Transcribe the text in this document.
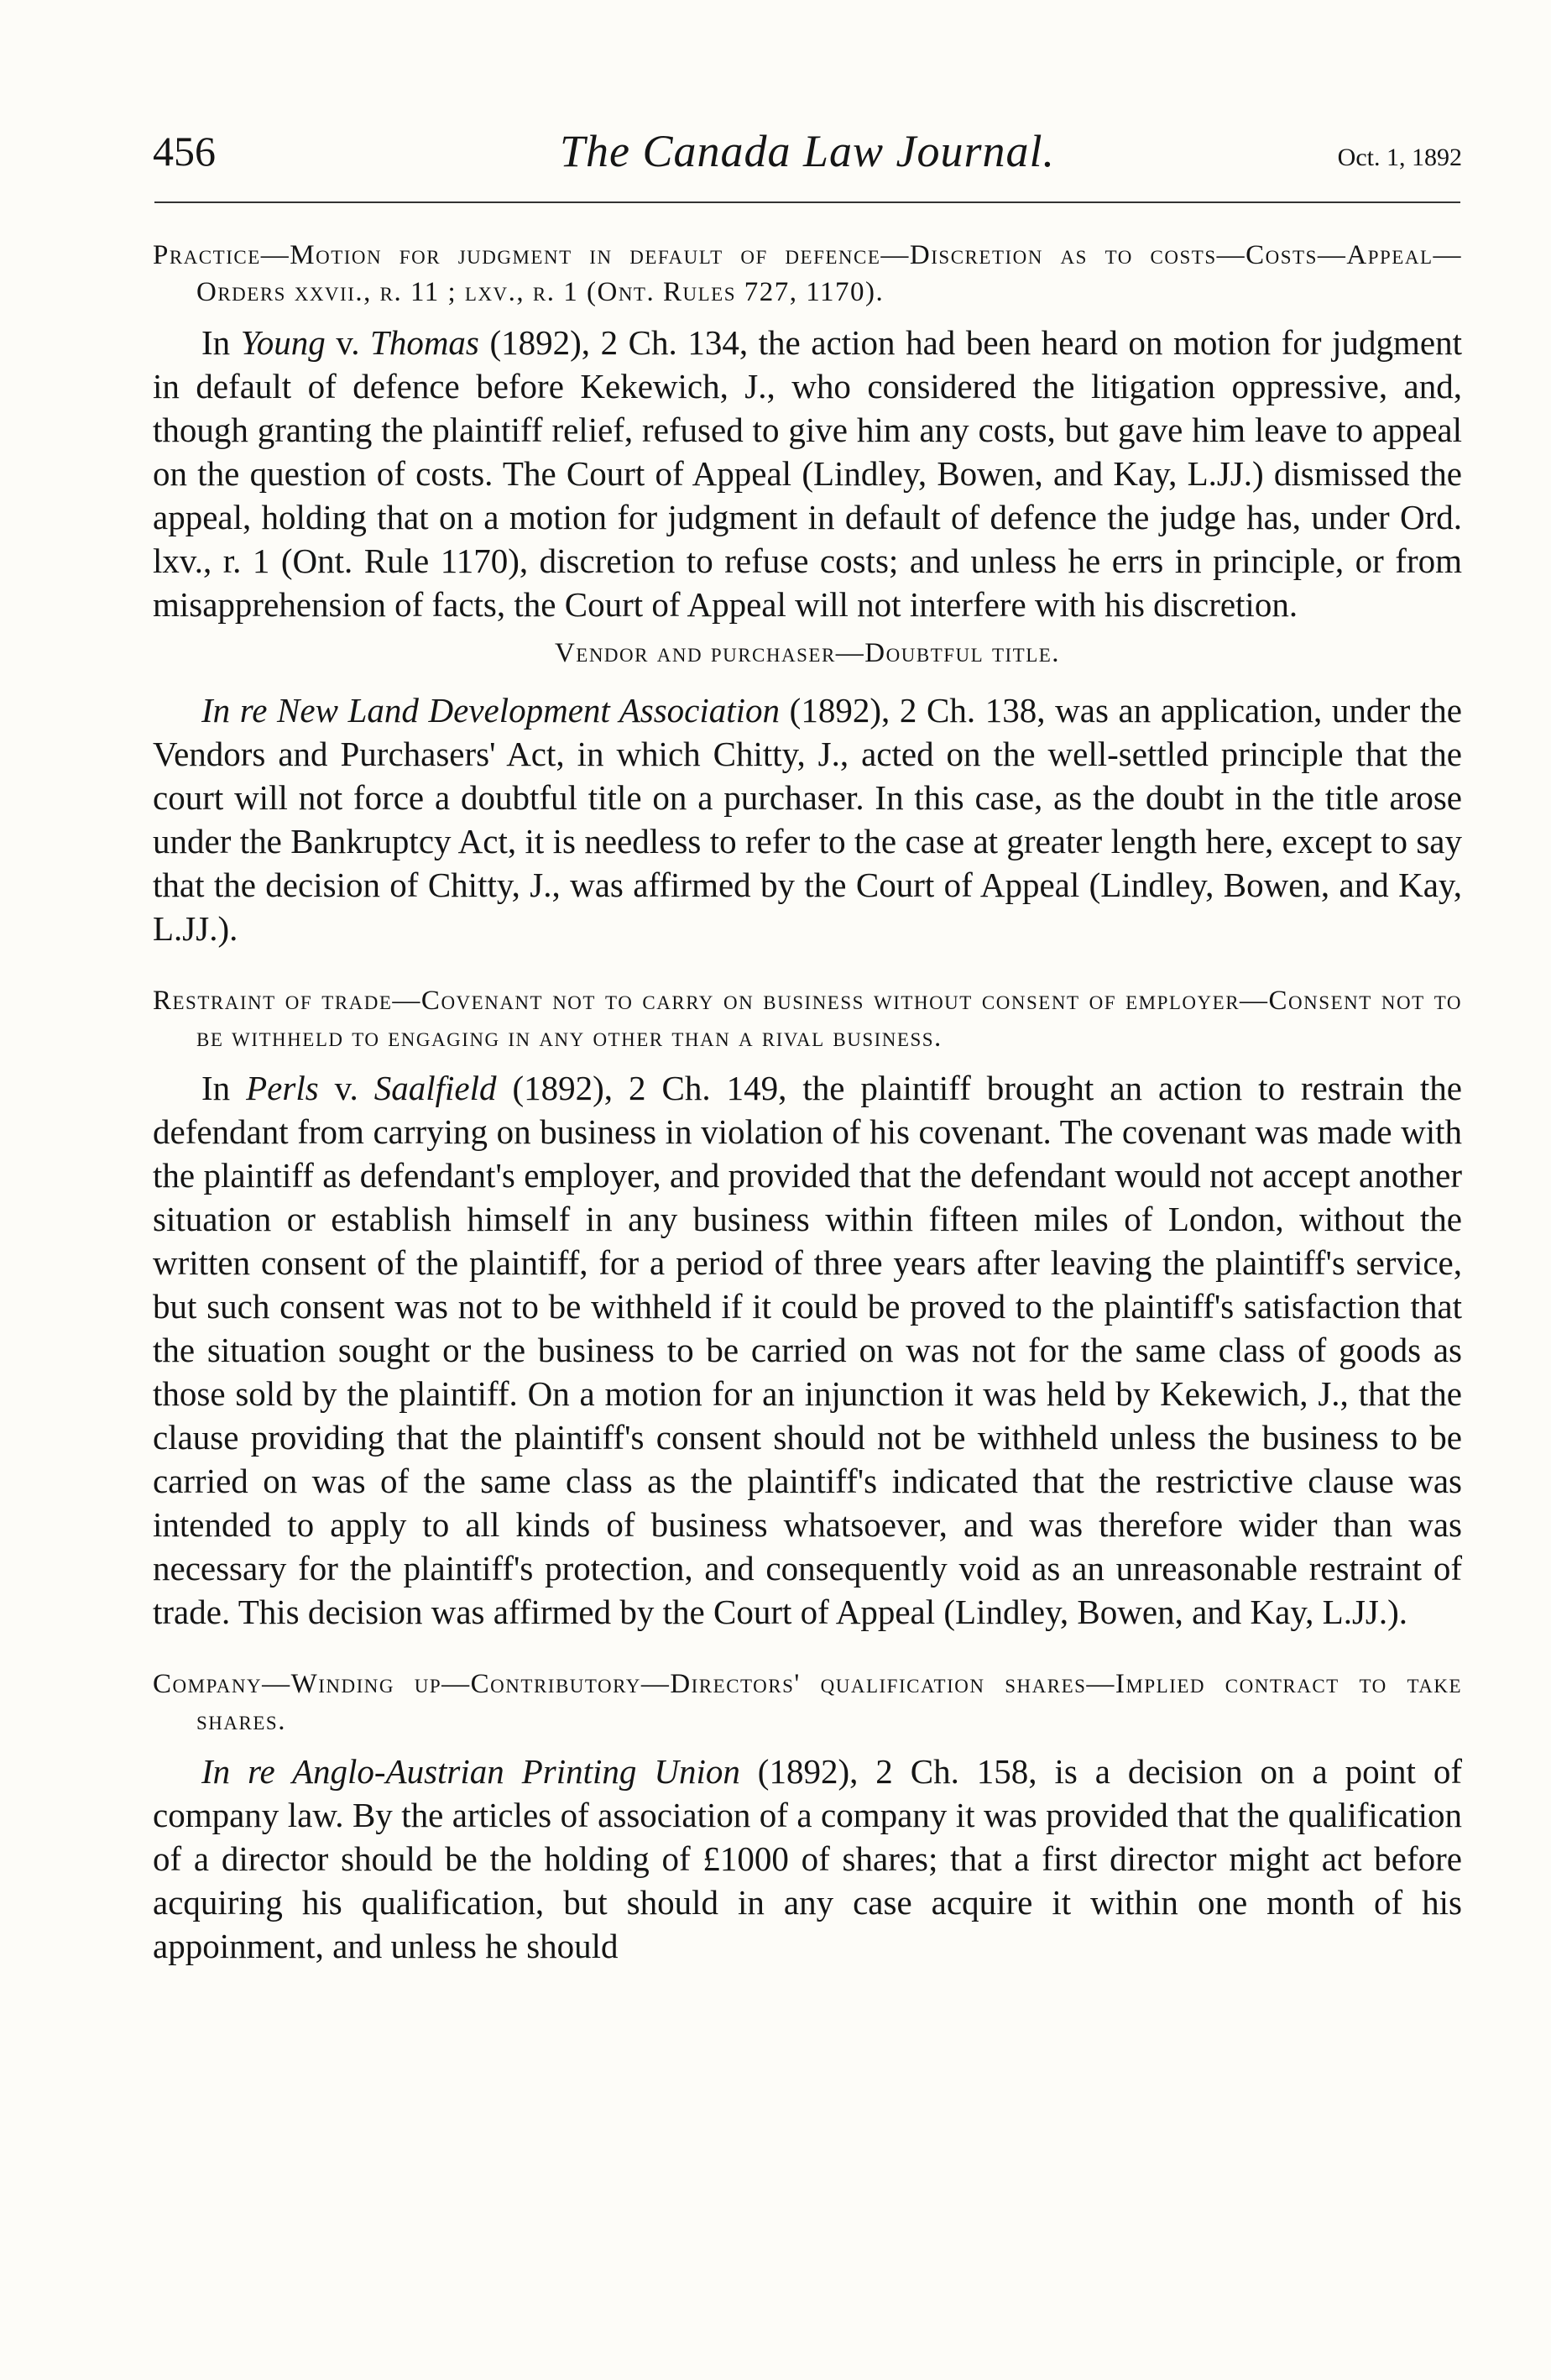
456	The Canada Law Journal.	Oct. 1, 1892

Practice—Motion for judgment in default of defence—Discretion as to costs—Costs—Appeal—Orders xxvii., r. 11 ; lxv., r. 1 (Ont. Rules 727, 1170).

In Young v. Thomas (1892), 2 Ch. 134, the action had been heard on motion for judgment in default of defence before Kekewich, J., who considered the litigation oppressive, and, though granting the plaintiff relief, refused to give him any costs, but gave him leave to appeal on the question of costs. The Court of Appeal (Lindley, Bowen, and Kay, L.JJ.) dismissed the appeal, holding that on a motion for judgment in default of defence the judge has, under Ord. lxv., r. 1 (Ont. Rule 1170), discretion to refuse costs; and unless he errs in principle, or from misapprehension of facts, the Court of Appeal will not interfere with his discretion.

Vendor and purchaser—Doubtful title.

In re New Land Development Association (1892), 2 Ch. 138, was an application, under the Vendors and Purchasers' Act, in which Chitty, J., acted on the well-settled principle that the court will not force a doubtful title on a purchaser. In this case, as the doubt in the title arose under the Bankruptcy Act, it is needless to refer to the case at greater length here, except to say that the decision of Chitty, J., was affirmed by the Court of Appeal (Lindley, Bowen, and Kay, L.JJ.).

Restraint of trade—Covenant not to carry on business without consent of employer—Consent not to be withheld to engaging in any other than a rival business.

In Perls v. Saalfield (1892), 2 Ch. 149, the plaintiff brought an action to restrain the defendant from carrying on business in violation of his covenant. The covenant was made with the plaintiff as defendant's employer, and provided that the defendant would not accept another situation or establish himself in any business within fifteen miles of London, without the written consent of the plaintiff, for a period of three years after leaving the plaintiff's service, but such consent was not to be withheld if it could be proved to the plaintiff's satisfaction that the situation sought or the business to be carried on was not for the same class of goods as those sold by the plaintiff. On a motion for an injunction it was held by Kekewich, J., that the clause providing that the plaintiff's consent should not be withheld unless the business to be carried on was of the same class as the plaintiff's indicated that the restrictive clause was intended to apply to all kinds of business whatsoever, and was therefore wider than was necessary for the plaintiff's protection, and consequently void as an unreasonable restraint of trade. This decision was affirmed by the Court of Appeal (Lindley, Bowen, and Kay, L.JJ.).

Company—Winding up—Contributory—Directors' qualification shares—Implied contract to take shares.

In re Anglo-Austrian Printing Union (1892), 2 Ch. 158, is a decision on a point of company law. By the articles of association of a company it was provided that the qualification of a director should be the holding of £1000 of shares; that a first director might act before acquiring his qualification, but should in any case acquire it within one month of his appoinment, and unless he should
